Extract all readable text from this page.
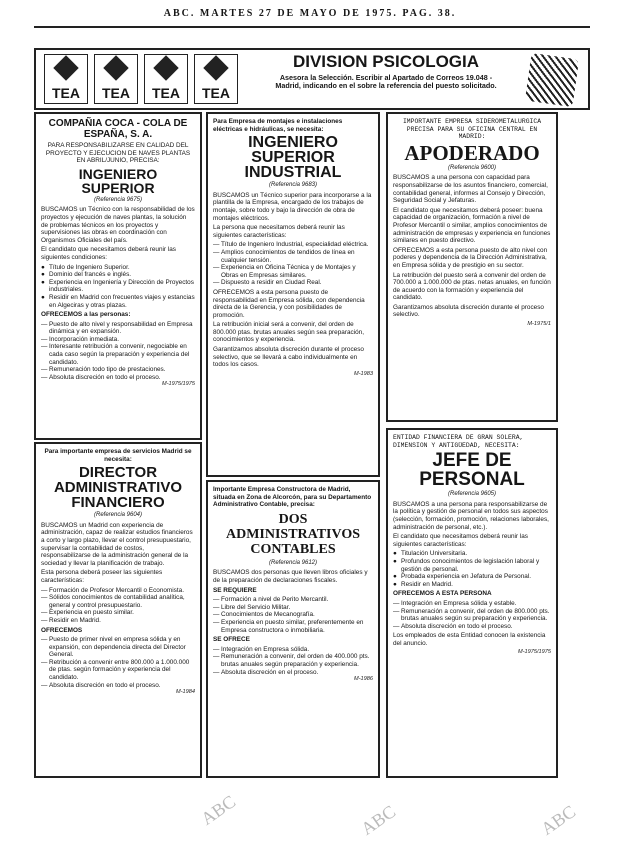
ABC. MARTES 27 DE MAYO DE 1975. PAG. 38.
TEA	TEA	TEA	TEA
DIVISION PSICOLOGIA
Asesora la Selección. Escribir al Apartado de Correos 19.048 - Madrid, indicando en el sobre la referencia del puesto solicitado.
COMPAÑIA COCA - COLA DE ESPAÑA, S. A.
PARA RESPONSABILIZARSE EN CALIDAD DEL PROYECTO Y EJECUCION DE NAVES PLANTAS EN ABRIL/JUNIO, PRECISA:
INGENIERO SUPERIOR
(Referencia 9675)
BUSCAMOS un Técnico con la responsabilidad de los proyectos y ejecución de naves plantas, la solución de problemas técnicos en los proyectos y supervisiones las obras en coordinación con Organismos Oficiales del país.
El candidato que necesitamos deberá reunir las siguientes condiciones:
● Título de Ingeniero Superior.
● Dominio del francés e inglés.
● Experiencia en Ingeniería y Dirección de Proyectos industriales.
● Residir en Madrid con frecuentes viajes y estancias en Algeciras y otras plazas.
OFRECEMOS a las personas:
— Puesto de alto nivel y responsabilidad en Empresa dinámica y en expansión.
— Incorporación inmediata.
— Interesante retribución a convenir, negociable en cada caso según la preparación y experiencia del candidato.
— Remuneración todo tipo de prestaciones.
— Absoluta discreción en todo el proceso.
M-1975/1975
Para Empresa de montajes e instalaciones eléctricas e hidráulicas, se necesita:
INGENIERO SUPERIOR INDUSTRIAL
(Referencia 9683)
BUSCAMOS un Técnico superior para incorporarse a la plantilla de la Empresa, encargado de los trabajos de montaje, sobre todo y bajo la dirección de obra de montajes eléctricos.
La persona que necesitamos deberá reunir las siguientes características:
— Título de Ingeniero Industrial, especialidad eléctrica.
— Amplios conocimientos de tendidos de línea en cualquier tensión.
— Experiencia en Oficina Técnica y de Montajes y Obras en Empresas similares.
— Dispuesto a residir en Ciudad Real.
OFRECEMOS a esta persona puesto de responsabilidad en Empresa sólida, con dependencia directa de la Gerencia, y con posibilidades de promoción.
La retribución inicial será a convenir, del orden de 800.000 ptas. brutas anuales según sea preparación, conocimientos y experiencia.
Garantizamos absoluta discreción durante el proceso selectivo, que se llevará a cabo individualmente en todos los casos.
M-1983
IMPORTANTE EMPRESA SIDEROMETALURGICA PRECISA PARA SU OFICINA CENTRAL EN MADRID:
APODERADO
(Referencia 9600)
BUSCAMOS a una persona con capacidad para responsabilizarse de los asuntos financiero, comercial, contabilidad general, informes al Consejo y Dirección, Seguridad Social y Jefaturas.
El candidato que necesitamos deberá poseer: buena capacidad de organización, formación a nivel de Profesor Mercantil o similar, amplios conocimientos de administración de empresas y experiencia en funciones similares en puesto directivo.
OFRECEMOS a esta persona puesto de alto nivel con poderes y dependencia de la Dirección Administrativa, en Empresa sólida y de prestigio en su sector.
La retribución del puesto será a convenir del orden de 700.000 a 1.000.000 de ptas. netas anuales, en función de acuerdo con la formación y experiencia del candidato.
Garantizamos absoluta discreción durante el proceso selectivo.
M-1975/1
Para importante empresa de servicios Madrid se necesita:
DIRECTOR ADMINISTRATIVO FINANCIERO
(Referencia 9604)
BUSCAMOS un Madrid con experiencia de administración, capaz de realizar estudios financieros a corto y largo plazo, llevar el control presupuestario, supervisar la contabilidad de costos, responsabilizarse de la administración general de la sociedad y llevar la planificación de trabajo.
Esta persona deberá poseer las siguientes características:
— Formación de Profesor Mercantil o Economista.
— Sólidos conocimientos de contabilidad analítica, general y control presupuestario.
— Experiencia en puesto similar.
— Residir en Madrid.
OFRECEMOS
— Puesto de primer nivel en empresa sólida y en expansión, con dependencia directa del Director General.
— Retribución a convenir entre 800.000 a 1.000.000 de ptas. según formación y experiencia del candidato.
— Absoluta discreción en todo el proceso.
M-1984
Importante Empresa Constructora de Madrid, situada en Zona de Alcorcón, para su Departamento Administrativo Contable, precisa:
DOS ADMINISTRATIVOS CONTABLES
(Referencia 9612)
BUSCAMOS dos personas que lleven libros oficiales y de la preparación de declaraciones fiscales.
SE REQUIERE
— Formación a nivel de Perito Mercantil.
— Libre del Servicio Militar.
— Conocimientos de Mecanografía.
— Experiencia en puesto similar, preferentemente en Empresa constructora o inmobiliaria.
SE OFRECE
— Integración en Empresa sólida.
— Remuneración a convenir, del orden de 400.000 pts. brutas anuales según preparación y experiencia.
— Absoluta discreción en el proceso.
M-1986
ENTIDAD FINANCIERA DE GRAN SOLERA, DIMENSION Y ANTIGÜEDAD, NECESITA:
JEFE DE PERSONAL
(Referencia 9605)
BUSCAMOS a una persona para responsabilizarse de la política y gestión de personal en todos sus aspectos (selección, formación, promoción, relaciones laborales, administración de personal, etc.).
El candidato que necesitamos deberá reunir las siguientes características:
● Titulación Universitaria.
● Profundos conocimientos de legislación laboral y gestión de personal.
● Probada experiencia en Jefatura de Personal.
● Residir en Madrid.
OFRECEMOS A ESTA PERSONA
— Integración en Empresa sólida y estable.
— Remuneración a convenir, del orden de 800.000 pts. brutas anuales según su preparación y experiencia.
— Absoluta discreción en todo el proceso.
Los empleados de esta Entidad conocen la existencia del anuncio.
M-1975/1975
ABC	ABC	ABC
